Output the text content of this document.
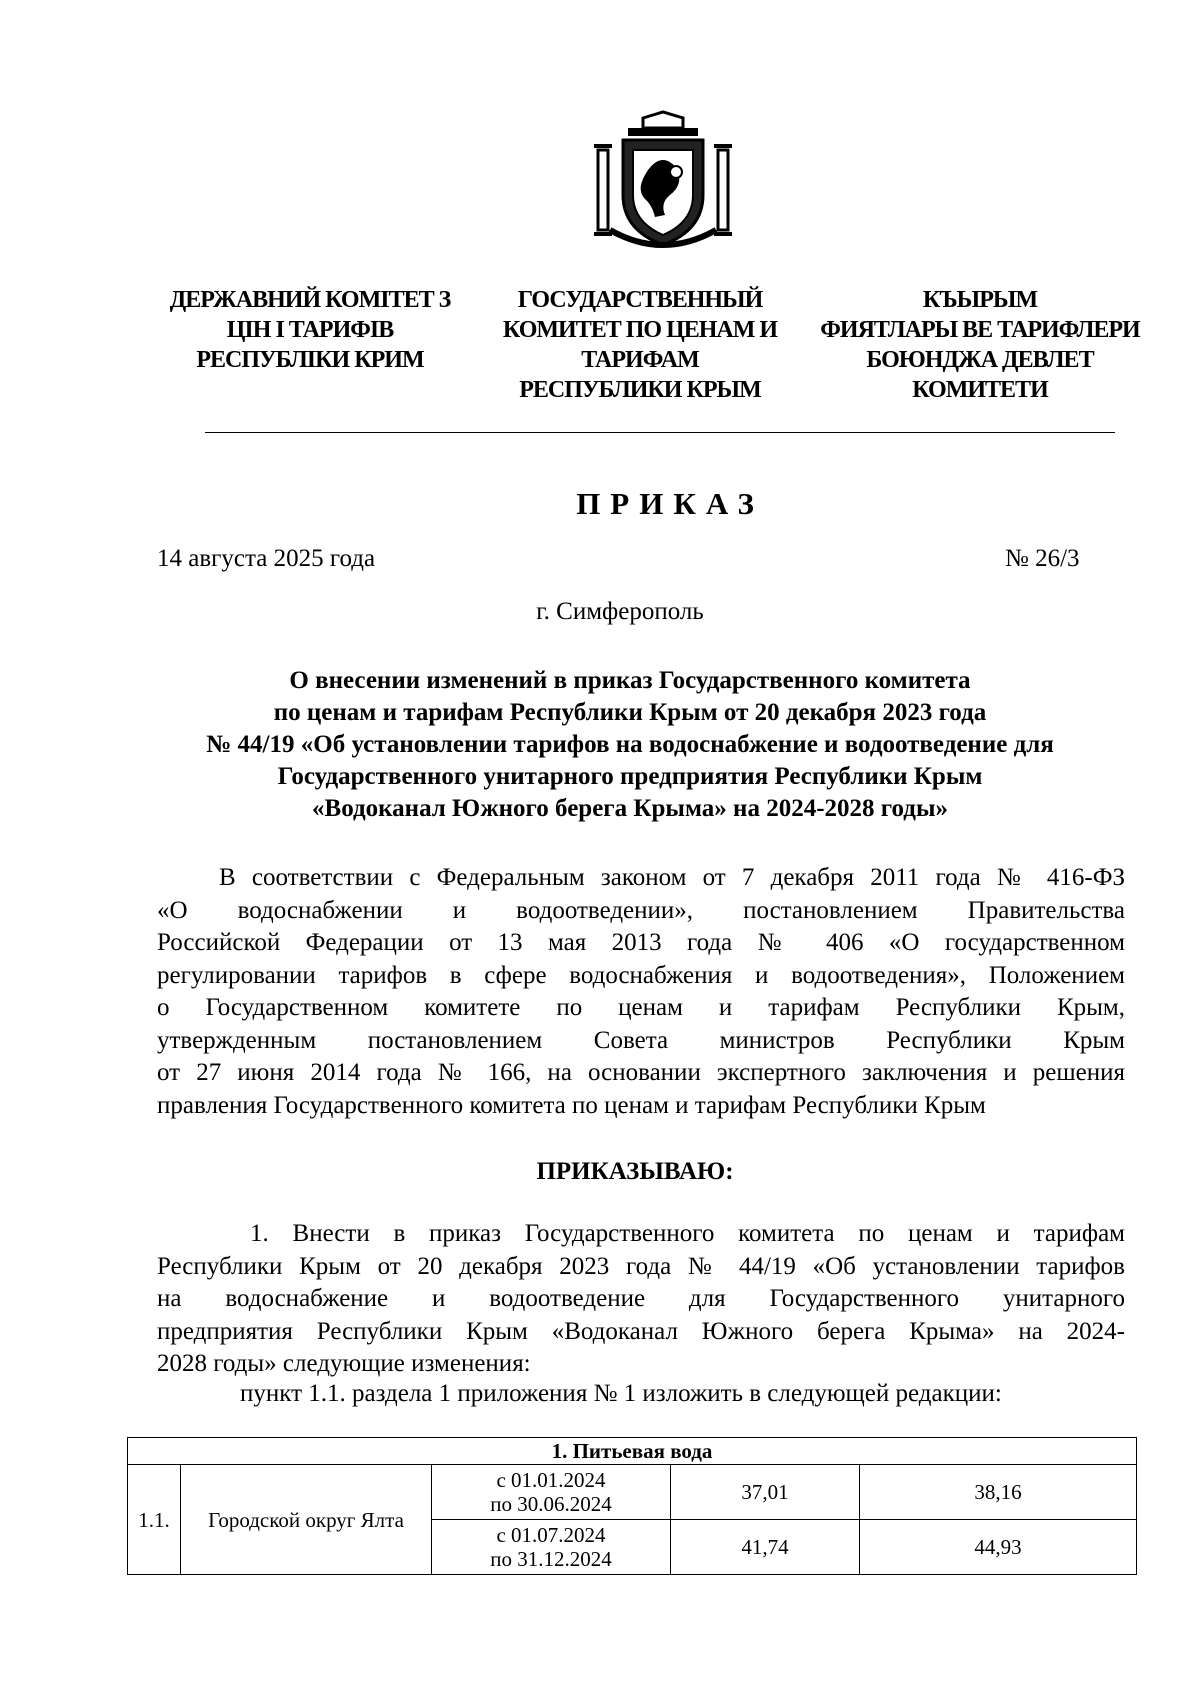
ДЕРЖАВНИЙ КОМІТЕТ З
ЦІН І ТАРИФІВ
РЕСПУБЛІКИ КРИМ
ГОСУДАРСТВЕННЫЙ
КОМИТЕТ ПО ЦЕНАМ И
ТАРИФАМ
РЕСПУБЛИКИ КРЫМ
КЪЫРЫМ
ФИЯТЛАРЫ ВЕ ТАРИФЛЕРИ
БОЮНДЖА ДЕВЛЕТ
КОМИТЕТИ
ПРИКАЗ
14 августа 2025 года	№ 26/3
г. Симферополь
О внесении изменений в приказ Государственного комитета
по ценам и тарифам Республики Крым от 20 декабря 2023 года
№ 44/19 «Об установлении тарифов на водоснабжение и водоотведение для
Государственного унитарного предприятия Республики Крым
«Водоканал Южного берега Крыма» на 2024-2028 годы»
В соответствии с Федеральным законом от 7 декабря 2011 года № 416-ФЗ
«О водоснабжении и водоотведении», постановлением Правительства
Российской Федерации от 13 мая 2013 года № 406 «О государственном
регулировании тарифов в сфере водоснабжения и водоотведения», Положением
о Государственном комитете по ценам и тарифам Республики Крым,
утвержденным постановлением Совета министров Республики Крым
от 27 июня 2014 года № 166, на основании экспертного заключения и решения
правления Государственного комитета по ценам и тарифам Республики Крым
ПРИКАЗЫВАЮ:
1. Внести в приказ Государственного комитета по ценам и тарифам
Республики Крым от 20 декабря 2023 года № 44/19 «Об установлении тарифов
на водоснабжение и водоотведение для Государственного унитарного
предприятия Республики Крым «Водоканал Южного берега Крыма» на 2024-
2028 годы» следующие изменения:
пункт 1.1. раздела 1 приложения № 1 изложить в следующей редакции:
1. Питьевая вода				
1.1.	Городской округ Ялта	с 01.01.2024
по 30.06.2024	37,01	38,16

		с 01.07.2024
по 31.12.2024	41,74	44,93
